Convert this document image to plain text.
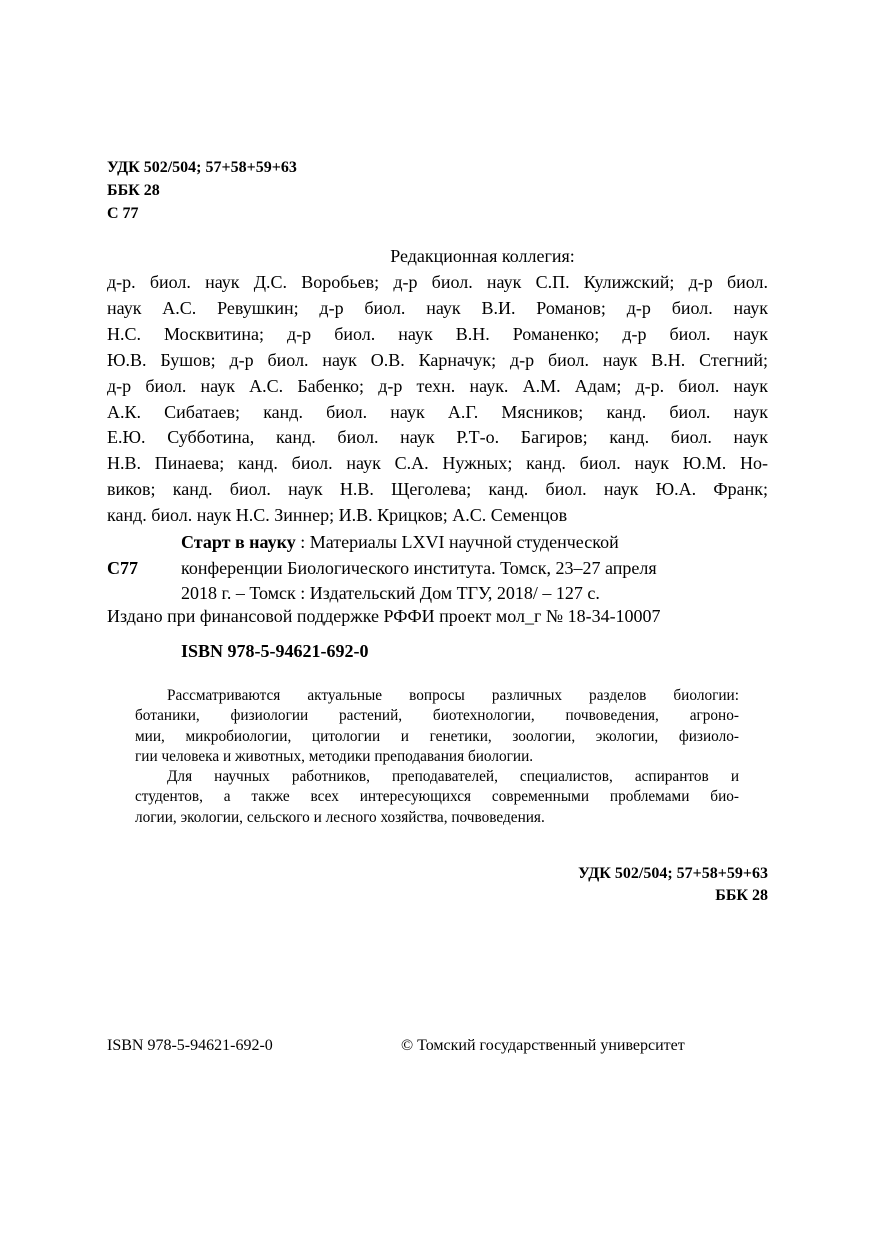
УДК 502/504; 57+58+59+63
ББК 28
С 77
Редакционная коллегия:
д-р. биол. наук Д.С. Воробьев; д-р биол. наук С.П. Кулижский; д-р биол.
наук А.С. Ревушкин; д-р биол. наук В.И. Романов; д-р биол. наук
Н.С. Москвитина; д-р биол. наук В.Н. Романенко; д-р биол. наук
Ю.В. Бушов; д-р биол. наук О.В. Карначук; д-р биол. наук В.Н. Стегний;
д-р биол. наук А.С. Бабенко; д-р техн. наук. А.М. Адам; д-р. биол. наук
А.К. Сибатаев; канд. биол. наук А.Г. Мясников; канд. биол. наук
Е.Ю. Субботина, канд. биол. наук Р.Т-о. Багиров; канд. биол. наук
Н.В. Пинаева; канд. биол. наук С.А. Нужных; канд. биол. наук Ю.М. Но-
виков; канд. биол. наук Н.В. Щеголева; канд. биол. наук Ю.А. Франк;
канд. биол. наук Н.С. Зиннер; И.В. Крицков; А.С. Семенцов
С77
Старт в науку : Материалы LXVI научной студенческой
конференции Биологического института. Томск, 23–27 апреля
2018 г. – Томск : Издательский Дом ТГУ, 2018/ – 127 с.
Издано при финансовой поддержке РФФИ проект мол_г № 18-34-10007
ISBN 978-5-94621-692-0
Рассматриваются актуальные вопросы различных разделов биологии:
ботаники, физиологии растений, биотехнологии, почвоведения, агроно-
мии, микробиологии, цитологии и генетики, зоологии, экологии, физиоло-
гии человека и животных, методики преподавания биологии.
Для научных работников, преподавателей, специалистов, аспирантов и
студентов, а также всех интересующихся современными проблемами био-
логии, экологии, сельского и лесного хозяйства, почвоведения.
УДК 502/504; 57+58+59+63
ББК 28
ISBN 978-5-94621-692-0	© Томский государственный университет
